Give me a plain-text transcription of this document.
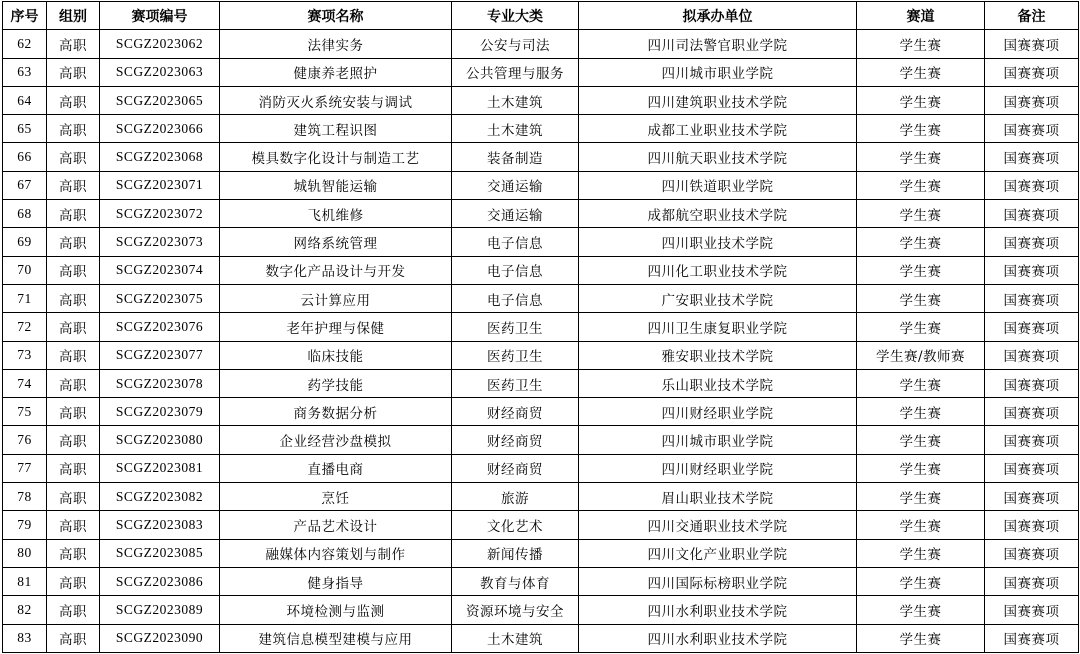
序号	组别	赛项编号	赛项名称	专业大类	拟承办单位	赛道	备注
62	高职	SCGZ2023062	法律实务	公安与司法	四川司法警官职业学院	学生赛	国赛赛项
63	高职	SCGZ2023063	健康养老照护	公共管理与服务	四川城市职业学院	学生赛	国赛赛项
64	高职	SCGZ2023065	消防灭火系统安装与调试	土木建筑	四川建筑职业技术学院	学生赛	国赛赛项
65	高职	SCGZ2023066	建筑工程识图	土木建筑	成都工业职业技术学院	学生赛	国赛赛项
66	高职	SCGZ2023068	模具数字化设计与制造工艺	装备制造	四川航天职业技术学院	学生赛	国赛赛项
67	高职	SCGZ2023071	城轨智能运输	交通运输	四川铁道职业学院	学生赛	国赛赛项
68	高职	SCGZ2023072	飞机维修	交通运输	成都航空职业技术学院	学生赛	国赛赛项
69	高职	SCGZ2023073	网络系统管理	电子信息	四川职业技术学院	学生赛	国赛赛项
70	高职	SCGZ2023074	数字化产品设计与开发	电子信息	四川化工职业技术学院	学生赛	国赛赛项
71	高职	SCGZ2023075	云计算应用	电子信息	广安职业技术学院	学生赛	国赛赛项
72	高职	SCGZ2023076	老年护理与保健	医药卫生	四川卫生康复职业学院	学生赛	国赛赛项
73	高职	SCGZ2023077	临床技能	医药卫生	雅安职业技术学院	学生赛/教师赛	国赛赛项
74	高职	SCGZ2023078	药学技能	医药卫生	乐山职业技术学院	学生赛	国赛赛项
75	高职	SCGZ2023079	商务数据分析	财经商贸	四川财经职业学院	学生赛	国赛赛项
76	高职	SCGZ2023080	企业经营沙盘模拟	财经商贸	四川城市职业学院	学生赛	国赛赛项
77	高职	SCGZ2023081	直播电商	财经商贸	四川财经职业学院	学生赛	国赛赛项
78	高职	SCGZ2023082	烹饪	旅游	眉山职业技术学院	学生赛	国赛赛项
79	高职	SCGZ2023083	产品艺术设计	文化艺术	四川交通职业技术学院	学生赛	国赛赛项
80	高职	SCGZ2023085	融媒体内容策划与制作	新闻传播	四川文化产业职业学院	学生赛	国赛赛项
81	高职	SCGZ2023086	健身指导	教育与体育	四川国际标榜职业学院	学生赛	国赛赛项
82	高职	SCGZ2023089	环境检测与监测	资源环境与安全	四川水利职业技术学院	学生赛	国赛赛项
83	高职	SCGZ2023090	建筑信息模型建模与应用	土木建筑	四川水利职业技术学院	学生赛	国赛赛项
